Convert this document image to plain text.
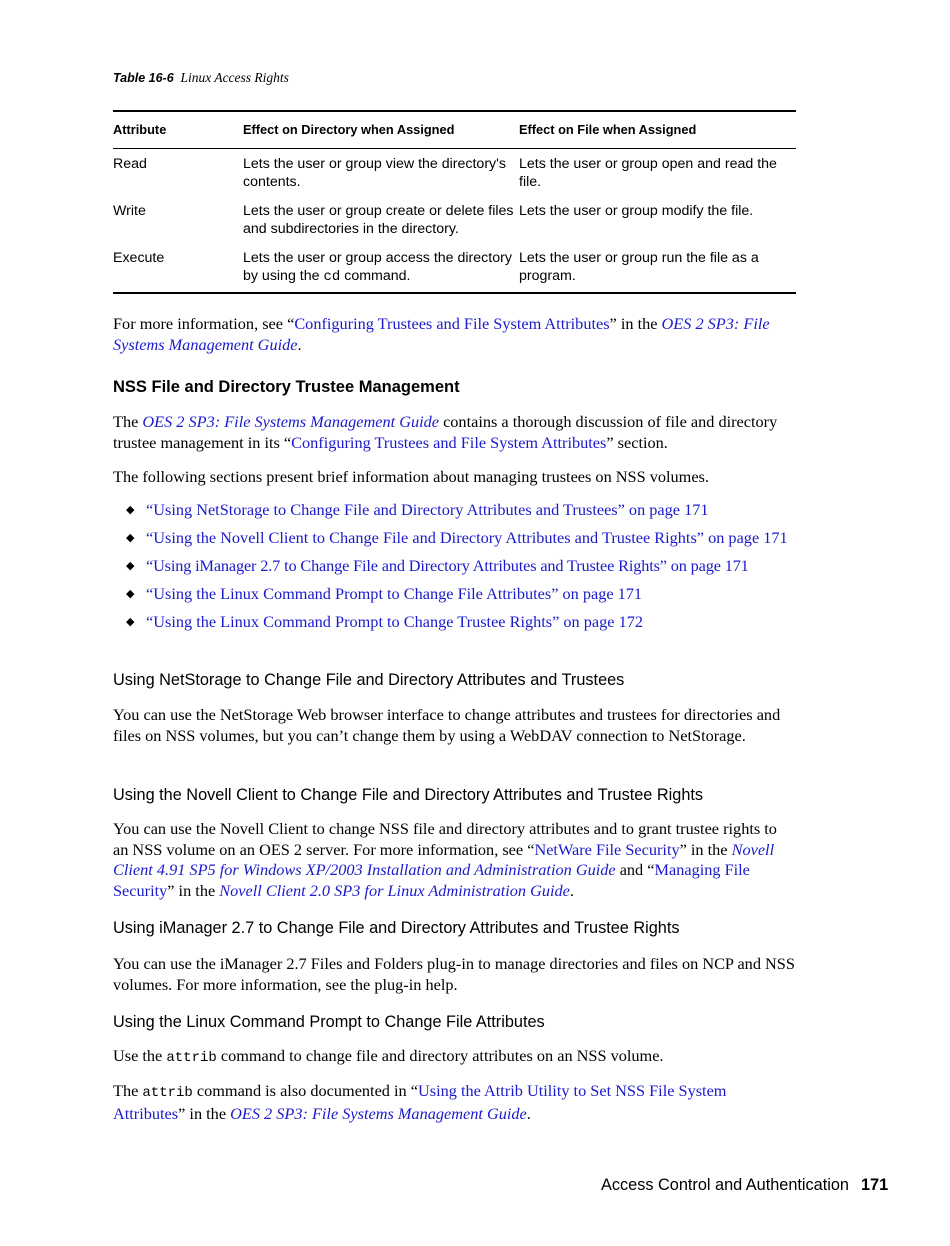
Table 16-6 Linux Access Rights
Attribute	Effect on Directory when Assigned	Effect on File when Assigned
Read	Lets the user or group view the directory's contents.	Lets the user or group open and read the file.
Write	Lets the user or group create or delete files and subdirectories in the directory.	Lets the user or group modify the file.
Execute	Lets the user or group access the directory by using the cd command.	Lets the user or group run the file as a program.

For more information, see “Configuring Trustees and File System Attributes” in the OES 2 SP3: File Systems Management Guide.

NSS File and Directory Trustee Management

The OES 2 SP3: File Systems Management Guide contains a thorough discussion of file and directory trustee management in its “Configuring Trustees and File System Attributes” section.

The following sections present brief information about managing trustees on NSS volumes.

◆ “Using NetStorage to Change File and Directory Attributes and Trustees” on page 171
◆ “Using the Novell Client to Change File and Directory Attributes and Trustee Rights” on page 171
◆ “Using iManager 2.7 to Change File and Directory Attributes and Trustee Rights” on page 171
◆ “Using the Linux Command Prompt to Change File Attributes” on page 171
◆ “Using the Linux Command Prompt to Change Trustee Rights” on page 172
Using NetStorage to Change File and Directory Attributes and Trustees

You can use the NetStorage Web browser interface to change attributes and trustees for directories and files on NSS volumes, but you can’t change them by using a WebDAV connection to NetStorage.

Using the Novell Client to Change File and Directory Attributes and Trustee Rights

You can use the Novell Client to change NSS file and directory attributes and to grant trustee rights to an NSS volume on an OES 2 server. For more information, see “NetWare File Security” in the Novell Client 4.91 SP5 for Windows XP/2003 Installation and Administration Guide and “Managing File Security” in the Novell Client 2.0 SP3 for Linux Administration Guide.

Using iManager 2.7 to Change File and Directory Attributes and Trustee Rights

You can use the iManager 2.7 Files and Folders plug-in to manage directories and files on NCP and NSS volumes. For more information, see the plug-in help.

Using the Linux Command Prompt to Change File Attributes

Use the attrib command to change file and directory attributes on an NSS volume.

The attrib command is also documented in “Using the Attrib Utility to Set NSS File System Attributes” in the OES 2 SP3: File Systems Management Guide.

Access Control and Authentication 171
